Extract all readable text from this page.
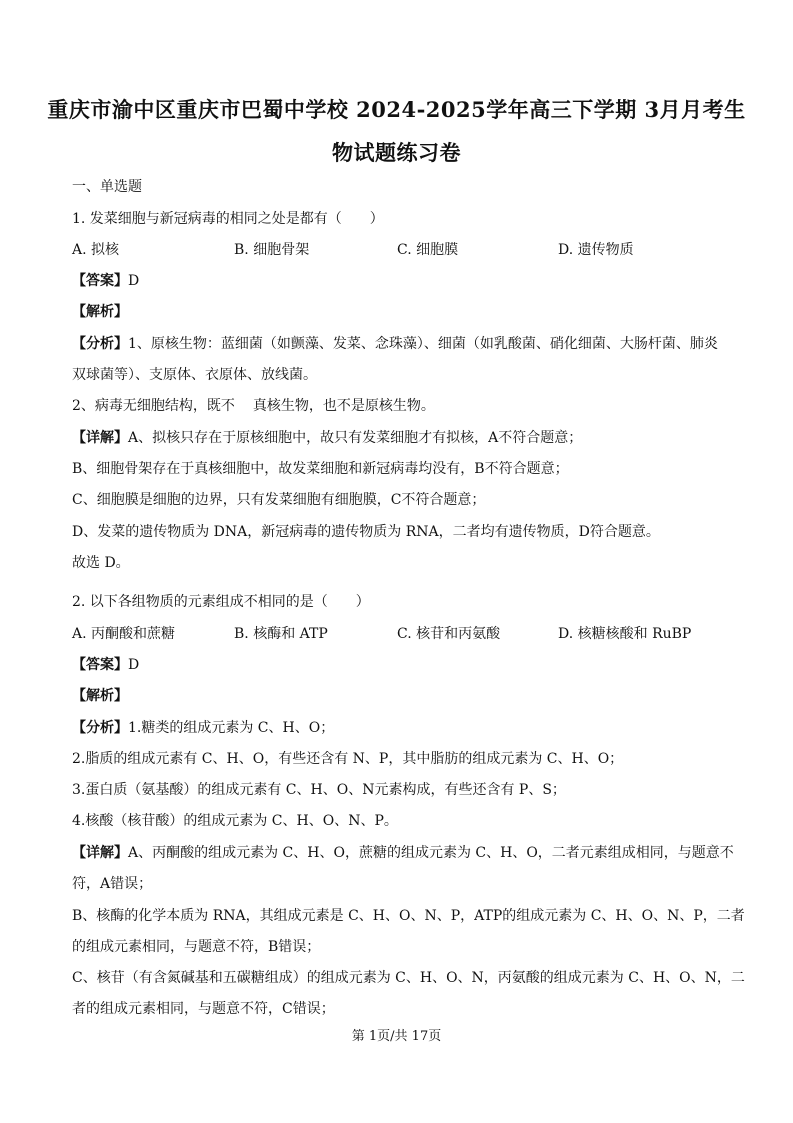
重庆市渝中区重庆市巴蜀中学校 2024-2025学年高三下学期 3月月考生
物试题练习卷
一、单选题
1. 发菜细胞与新冠病毒的相同之处是都有（　　）
A. 拟核	B. 细胞骨架	C. 细胞膜	D. 遗传物质
【答案】D
【解析】
【分析】1、原核生物：蓝细菌（如颤藻、发菜、念珠藻）、细菌（如乳酸菌、硝化细菌、大肠杆菌、肺炎
双球菌等）、支原体、衣原体、放线菌。
2、病毒无细胞结构，既不 真核生物，也不是原核生物。
【详解】A、拟核只存在于原核细胞中，故只有发菜细胞才有拟核，A不符合题意；
B、细胞骨架存在于真核细胞中，故发菜细胞和新冠病毒均没有，B不符合题意；
C、细胞膜是细胞的边界，只有发菜细胞有细胞膜，C不符合题意；
D、发菜的遗传物质为 DNA，新冠病毒的遗传物质为 RNA，二者均有遗传物质，D符合题意。
故选 D。
2. 以下各组物质的元素组成不相同的是（　　）
A. 丙酮酸和蔗糖	B. 核酶和 ATP	C. 核苷和丙氨酸	D. 核糖核酸和 RuBP
【答案】D
【解析】
【分析】1.糖类的组成元素为 C、H、O；
2.脂质的组成元素有 C、H、O，有些还含有 N、P，其中脂肪的组成元素为 C、H、O；
3.蛋白质（氨基酸）的组成元素有 C、H、O、N元素构成，有些还含有 P、S；
4.核酸（核苷酸）的组成元素为 C、H、O、N、P。
【详解】A、丙酮酸的组成元素为 C、H、O，蔗糖的组成元素为 C、H、O，二者元素组成相同，与题意不
符，A错误；
B、核酶的化学本质为 RNA，其组成元素是 C、H、O、N、P，ATP的组成元素为 C、H、O、N、P，二者
的组成元素相同，与题意不符，B错误；
C、核苷（有含氮碱基和五碳糖组成）的组成元素为 C、H、O、N，丙氨酸的组成元素为 C、H、O、N，二
者的组成元素相同，与题意不符，C错误；
第 1页/共 17页
